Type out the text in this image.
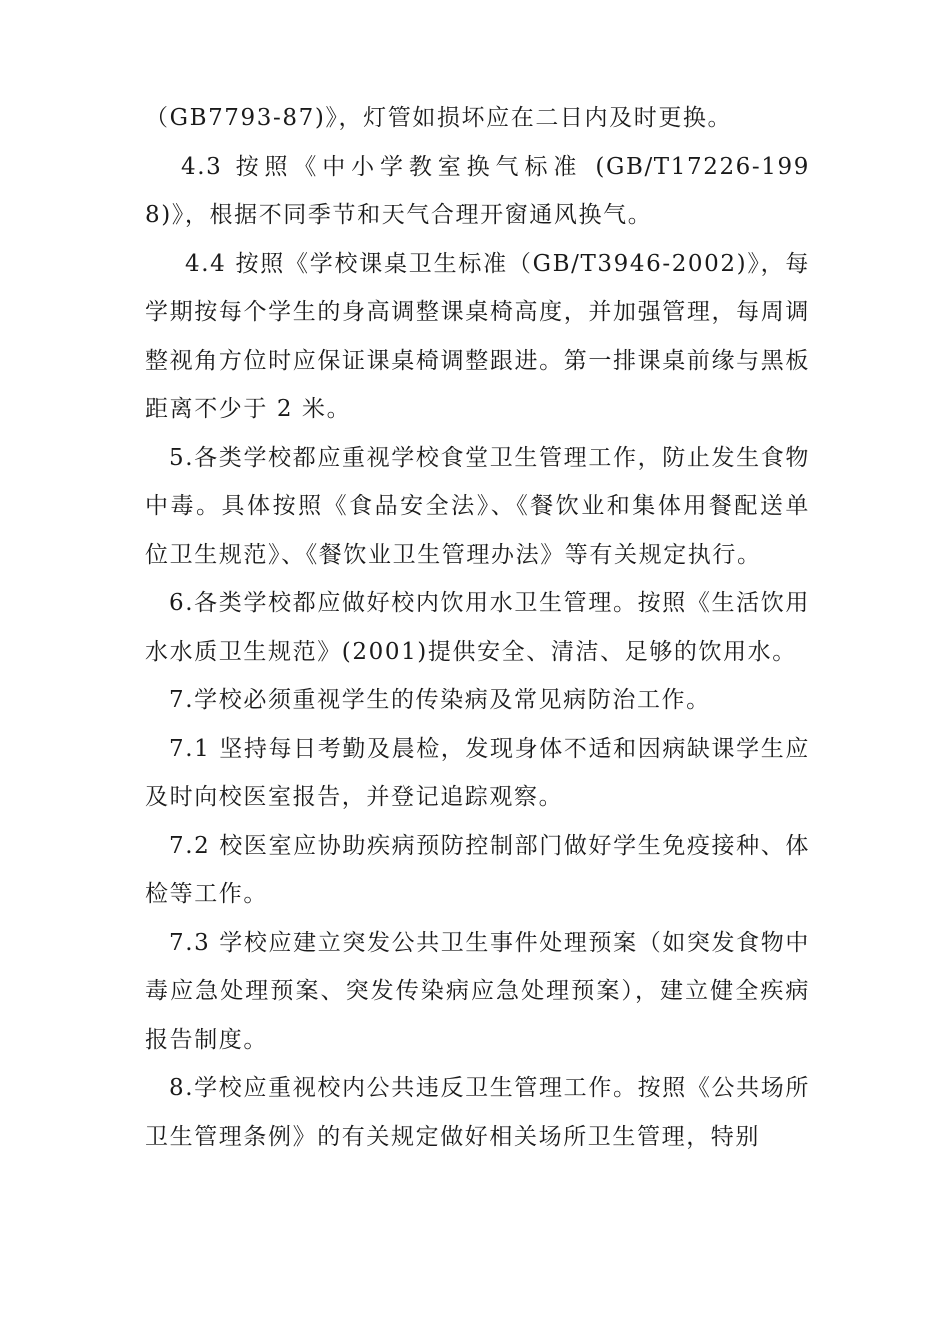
（GB7793-87)》，灯管如损坏应在二日内及时更换。

4.3 按照《中小学教室换气标准 (GB/T17226-1998)》，根据不同季节和天气合理开窗通风换气。

4.4 按照《学校课桌卫生标准（GB/T3946-2002)》，每学期按每个学生的身高调整课桌椅高度，并加强管理，每周调整视角方位时应保证课桌椅调整跟进。第一排课桌前缘与黑板距离不少于 2 米。

5.各类学校都应重视学校食堂卫生管理工作，防止发生食物中毒。具体按照《食品安全法》、《餐饮业和集体用餐配送单位卫生规范》、《餐饮业卫生管理办法》等有关规定执行。

6.各类学校都应做好校内饮用水卫生管理。按照《生活饮用水水质卫生规范》(2001)提供安全、清洁、足够的饮用水。

7.学校必须重视学生的传染病及常见病防治工作。

7.1 坚持每日考勤及晨检，发现身体不适和因病缺课学生应及时向校医室报告，并登记追踪观察。

7.2 校医室应协助疾病预防控制部门做好学生免疫接种、体检等工作。

7.3 学校应建立突发公共卫生事件处理预案（如突发食物中毒应急处理预案、突发传染病应急处理预案），建立健全疾病报告制度。

8.学校应重视校内公共违反卫生管理工作。按照《公共场所卫生管理条例》的有关规定做好相关场所卫生管理，特别
